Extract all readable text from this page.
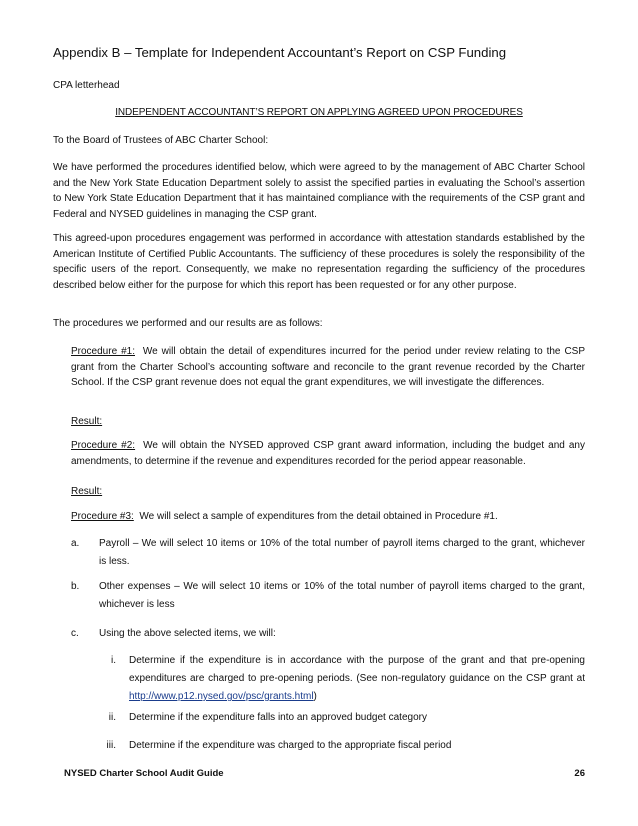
Appendix B – Template for Independent Accountant’s Report on CSP Funding
CPA letterhead
INDEPENDENT ACCOUNTANT’S REPORT ON APPLYING AGREED UPON PROCEDURES
To the Board of Trustees of ABC Charter School:
We have performed the procedures identified below, which were agreed to by the management of ABC Charter School and the New York State Education Department solely to assist the specified parties in evaluating the School’s assertion to New York State Education Department that it has maintained compliance with the requirements of the CSP grant and Federal and NYSED guidelines in managing the CSP grant.
This agreed-upon procedures engagement was performed in accordance with attestation standards established by the American Institute of Certified Public Accountants. The sufficiency of these procedures is solely the responsibility of the specific users of the report. Consequently, we make no representation regarding the sufficiency of the procedures described below either for the purpose for which this report has been requested or for any other purpose.
The procedures we performed and our results are as follows:
Procedure #1: We will obtain the detail of expenditures incurred for the period under review relating to the CSP grant from the Charter School’s accounting software and reconcile to the grant revenue recorded by the Charter School. If the CSP grant revenue does not equal the grant expenditures, we will investigate the differences.
Result:
Procedure #2: We will obtain the NYSED approved CSP grant award information, including the budget and any amendments, to determine if the revenue and expenditures recorded for the period appear reasonable.
Result:
Procedure #3: We will select a sample of expenditures from the detail obtained in Procedure #1.
a. Payroll – We will select 10 items or 10% of the total number of payroll items charged to the grant, whichever is less.
b. Other expenses – We will select 10 items or 10% of the total number of payroll items charged to the grant, whichever is less
c. Using the above selected items, we will:
i. Determine if the expenditure is in accordance with the purpose of the grant and that pre-opening expenditures are charged to pre-opening periods. (See non-regulatory guidance on the CSP grant at http://www.p12.nysed.gov/psc/grants.html)
ii. Determine if the expenditure falls into an approved budget category
iii. Determine if the expenditure was charged to the appropriate fiscal period
NYSED Charter School Audit Guide	26
